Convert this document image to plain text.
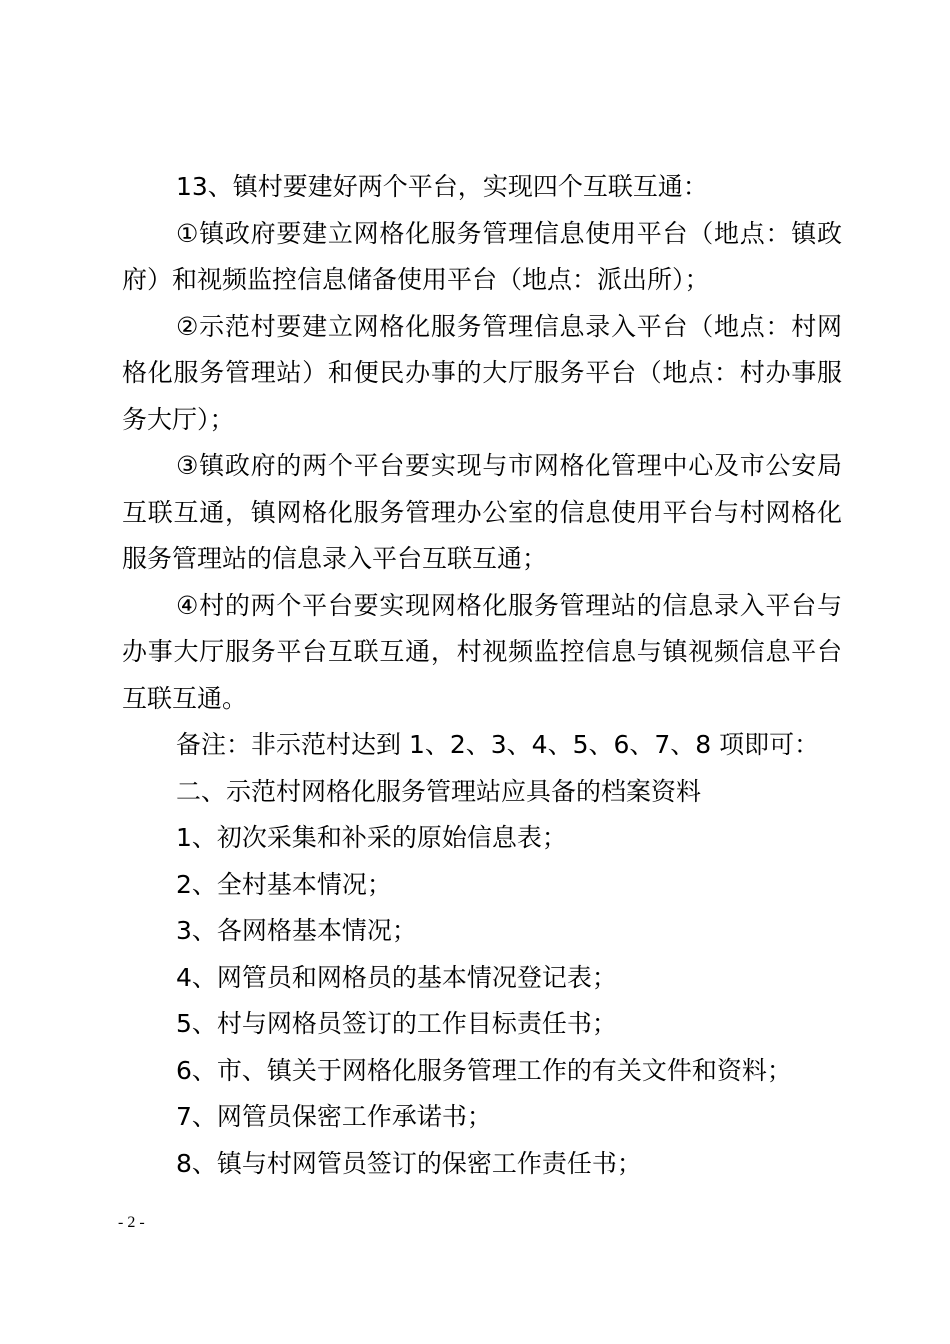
13、镇村要建好两个平台，实现四个互联互通：

①镇政府要建立网格化服务管理信息使用平台（地点：镇政府）和视频监控信息储备使用平台（地点：派出所）；

②示范村要建立网格化服务管理信息录入平台（地点：村网格化服务管理站）和便民办事的大厅服务平台（地点：村办事服务大厅）；

③镇政府的两个平台要实现与市网格化管理中心及市公安局互联互通，镇网格化服务管理办公室的信息使用平台与村网格化服务管理站的信息录入平台互联互通；

④村的两个平台要实现网格化服务管理站的信息录入平台与办事大厅服务平台互联互通，村视频监控信息与镇视频信息平台互联互通。

备注：非示范村达到 1、2、3、4、5、6、7、8 项即可：

二、示范村网格化服务管理站应具备的档案资料

1、初次采集和补采的原始信息表；

2、全村基本情况；

3、各网格基本情况；

4、网管员和网格员的基本情况登记表；

5、村与网格员签订的工作目标责任书；

6、市、镇关于网格化服务管理工作的有关文件和资料；

7、网管员保密工作承诺书；

8、镇与村网管员签订的保密工作责任书；

- 2 -
